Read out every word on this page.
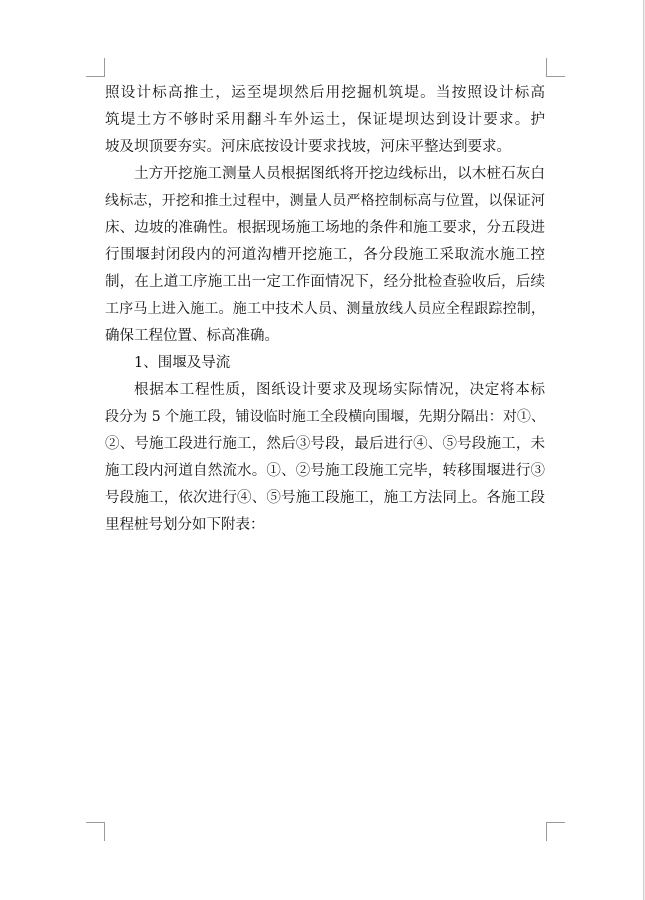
照设计标高推土，运至堤坝然后用挖掘机筑堤。当按照设计标高
筑堤土方不够时采用翻斗车外运土，保证堤坝达到设计要求。护
坡及坝顶要夯实。河床底按设计要求找坡，河床平整达到要求。
土方开挖施工测量人员根据图纸将开挖边线标出，以木桩石灰白
线标志，开挖和推土过程中，测量人员严格控制标高与位置，以保证河
床、边坡的准确性。根据现场施工场地的条件和施工要求，分五段进
行围堰封闭段内的河道沟槽开挖施工，各分段施工采取流水施工控
制，在上道工序施工出一定工作面情况下，经分批检查验收后，后续
工序马上进入施工。施工中技术人员、测量放线人员应全程跟踪控制，
确保工程位置、标高准确。
1、围堰及导流
根据本工程性质，图纸设计要求及现场实际情况，决定将本标
段分为 5 个施工段，铺设临时施工全段横向围堰，先期分隔出：对①、
②、号施工段进行施工，然后③号段，最后进行④、⑤号段施工，未
施工段内河道自然流水。①、②号施工段施工完毕，转移围堰进行③
号段施工，依次进行④、⑤号施工段施工，施工方法同上。各施工段
里程桩号划分如下附表：
